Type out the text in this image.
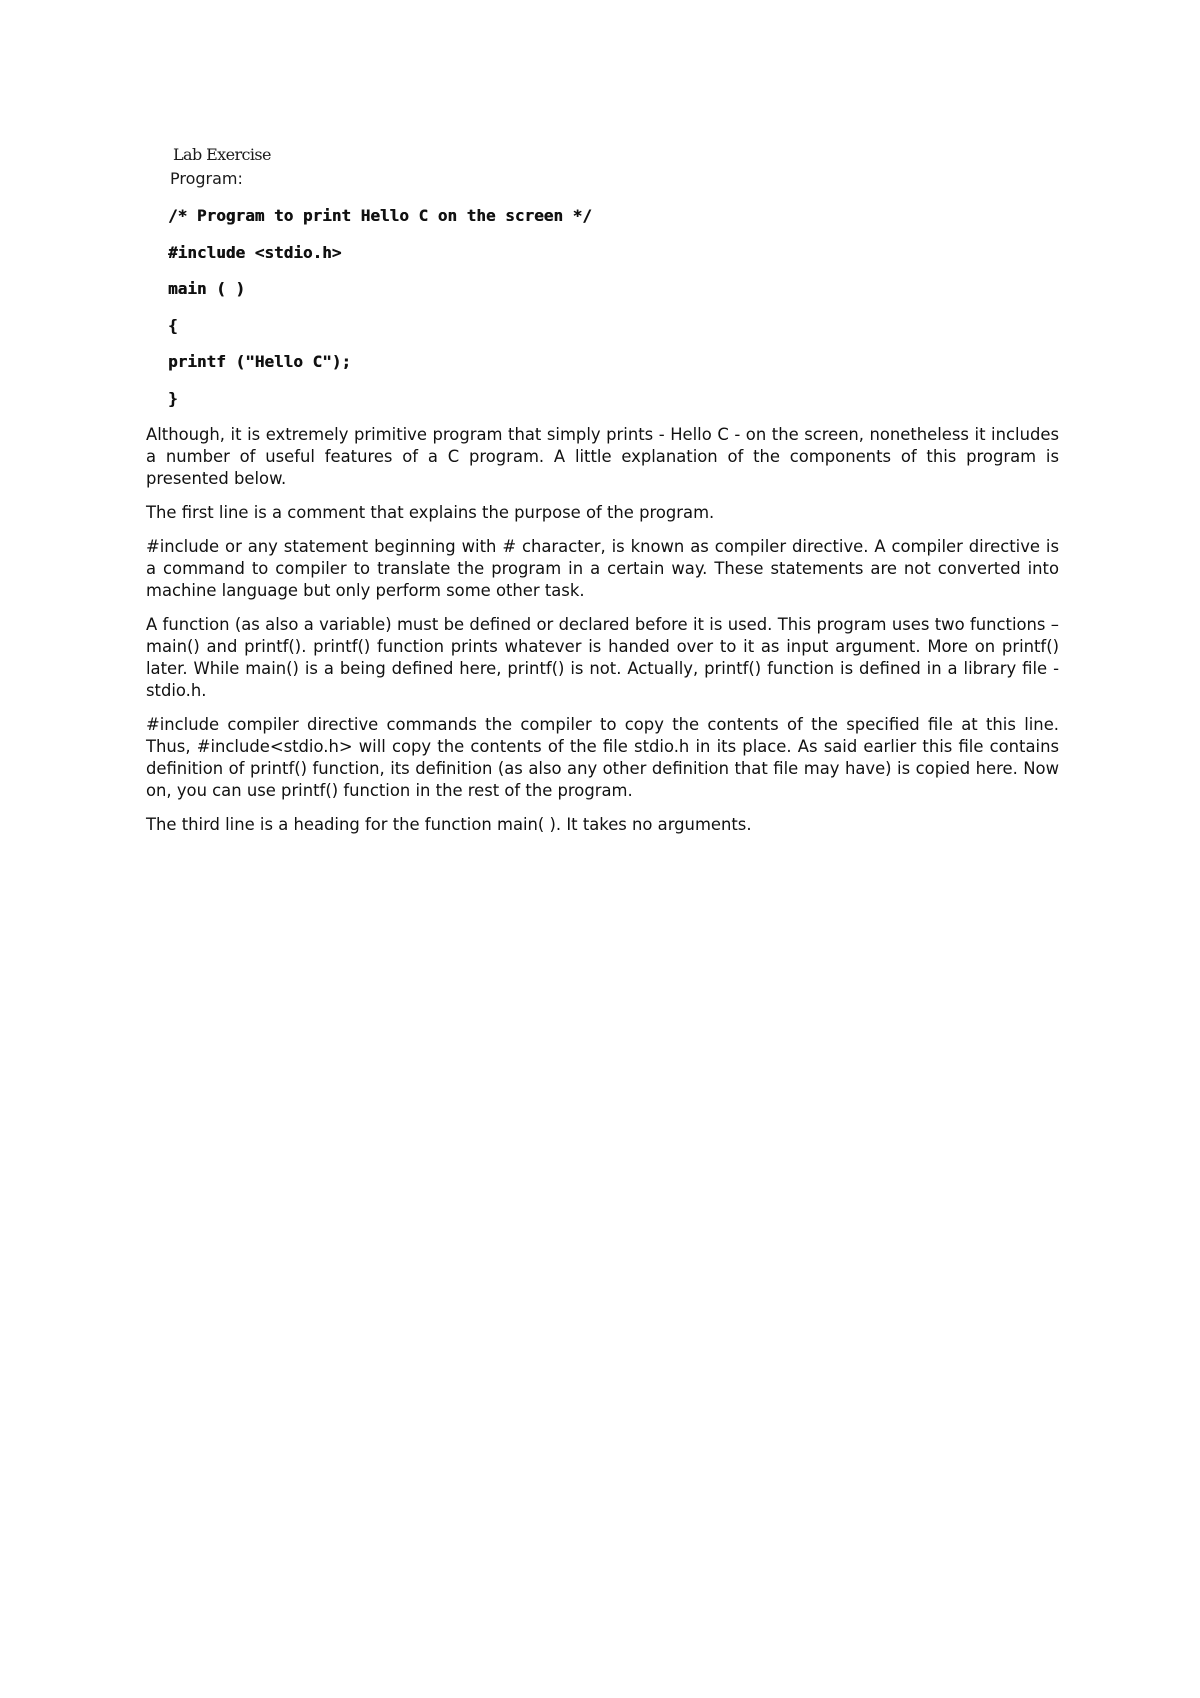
Lab Exercise
Program:
/* Program to print Hello C on the screen */
#include <stdio.h>
main ( )
{
printf ("Hello C");
}

Although, it is extremely primitive program that simply prints - Hello C - on the screen, nonetheless it includes a number of useful features of a C program. A little explanation of the components of this program is presented below.

The first line is a comment that explains the purpose of the program.

#include or any statement beginning with # character, is known as compiler directive. A compiler directive is a command to compiler to translate the program in a certain way. These statements are not converted into machine language but only perform some other task.

A function (as also a variable) must be defined or declared before it is used. This program uses two functions – main() and printf(). printf() function prints whatever is handed over to it as input argument. More on printf() later. While main() is a being defined here, printf() is not. Actually, printf() function is defined in a library file - stdio.h.

#include compiler directive commands the compiler to copy the contents of the specified file at this line. Thus, #include<stdio.h> will copy the contents of the file stdio.h in its place. As said earlier this file contains definition of printf() function, its definition (as also any other definition that file may have) is copied here. Now on, you can use printf() function in the rest of the program.

The third line is a heading for the function main( ). It takes no arguments.
